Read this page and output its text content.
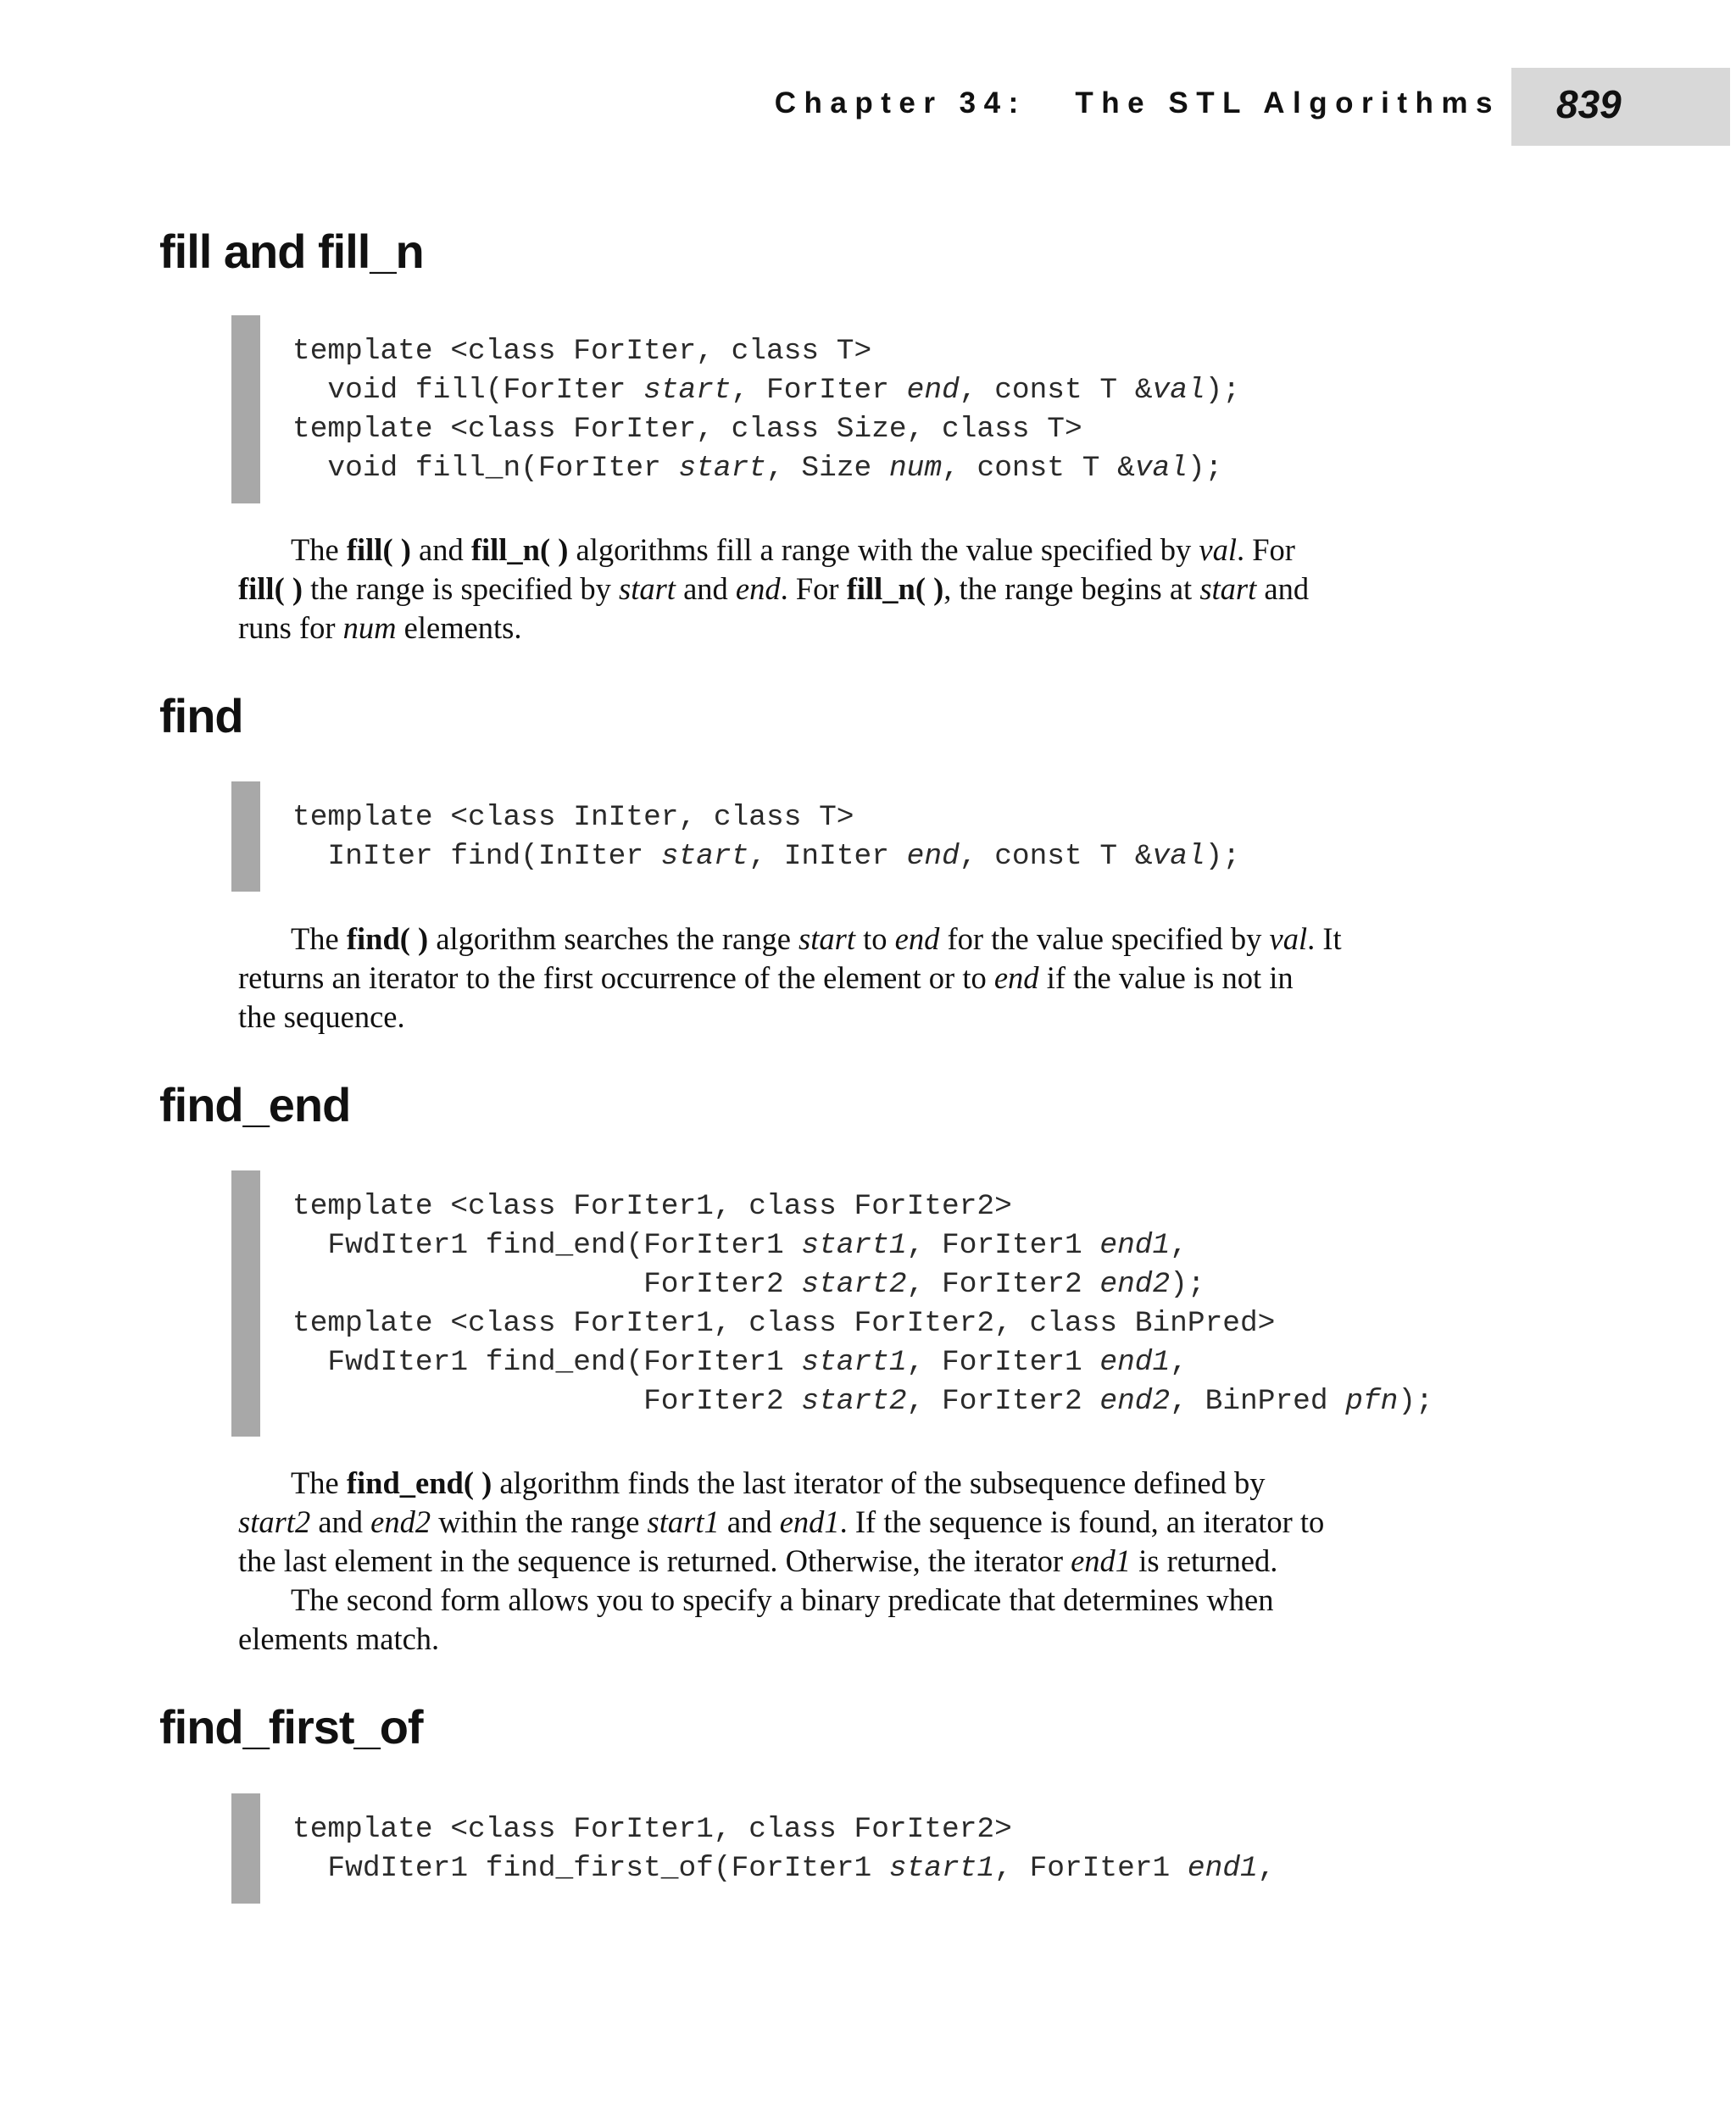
Chapter 34:   The STL Algorithms 839
fill and fill_n
template <class ForIter, class T>
void fill(ForIter start, ForIter end, const T &val);
template <class ForIter, class Size, class T>
void fill_n(ForIter start, Size num, const T &val);

The fill( ) and fill_n( ) algorithms fill a range with the value specified by val. For
fill( ) the range is specified by start and end. For fill_n( ), the range begins at start and
runs for num elements.

find
template <class InIter, class T>
InIter find(InIter start, InIter end, const T &val);

The find( ) algorithm searches the range start to end for the value specified by val. It
returns an iterator to the first occurrence of the element or to end if the value is not in
the sequence.

find_end
template <class ForIter1, class ForIter2>
FwdIter1 find_end(ForIter1 start1, ForIter1 end1,
ForIter2 start2, ForIter2 end2);
template <class ForIter1, class ForIter2, class BinPred>
FwdIter1 find_end(ForIter1 start1, ForIter1 end1,
ForIter2 start2, ForIter2 end2, BinPred pfn);

The find_end( ) algorithm finds the last iterator of the subsequence defined by
start2 and end2 within the range start1 and end1. If the sequence is found, an iterator to
the last element in the sequence is returned. Otherwise, the iterator end1 is returned.
The second form allows you to specify a binary predicate that determines when
elements match.

find_first_of
template <class ForIter1, class ForIter2>
FwdIter1 find_first_of(ForIter1 start1, ForIter1 end1,
